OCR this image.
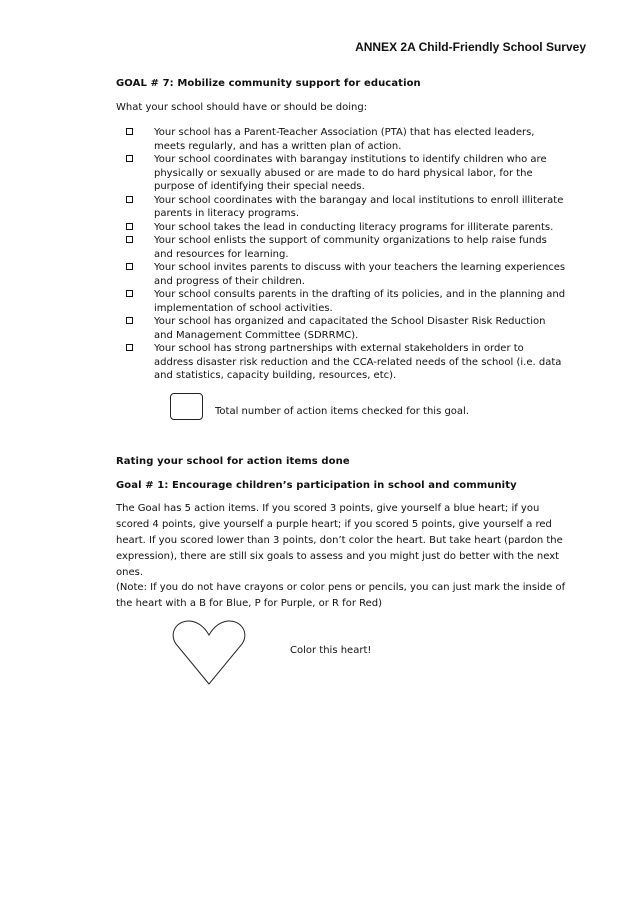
ANNEX 2A Child-Friendly School Survey
GOAL # 7: Mobilize community support for education
What your school should have or should be doing:
Your school has a Parent-Teacher Association (PTA) that has elected leaders, meets regularly, and has a written plan of action.
Your school coordinates with barangay institutions to identify children who are physically or sexually abused or are made to do hard physical labor, for the purpose of identifying their special needs.
Your school coordinates with the barangay and local institutions to enroll illiterate parents in literacy programs.
Your school takes the lead in conducting literacy programs for illiterate parents.
Your school enlists the support of community organizations to help raise funds and resources for learning.
Your school invites parents to discuss with your teachers the learning experiences and progress of their children.
Your school consults parents in the drafting of its policies, and in the planning and implementation of school activities.
Your school has organized and capacitated the School Disaster Risk Reduction and Management Committee (SDRRMC).
Your school has strong partnerships with external stakeholders in order to address disaster risk reduction and the CCA-related needs of the school (i.e. data and statistics, capacity building, resources, etc).
Total number of action items checked for this goal.
Rating your school for action items done
Goal # 1: Encourage children’s participation in school and community
The Goal has 5 action items. If you scored 3 points, give yourself a blue heart; if you scored 4 points, give yourself a purple heart; if you scored 5 points, give yourself a red heart. If you scored lower than 3 points, don’t color the heart. But take heart (pardon the expression), there are still six goals to assess and you might just do better with the next ones.
(Note: If you do not have crayons or color pens or pencils, you can just mark the inside of the heart with a B for Blue, P for Purple, or R for Red)
Color this heart!
